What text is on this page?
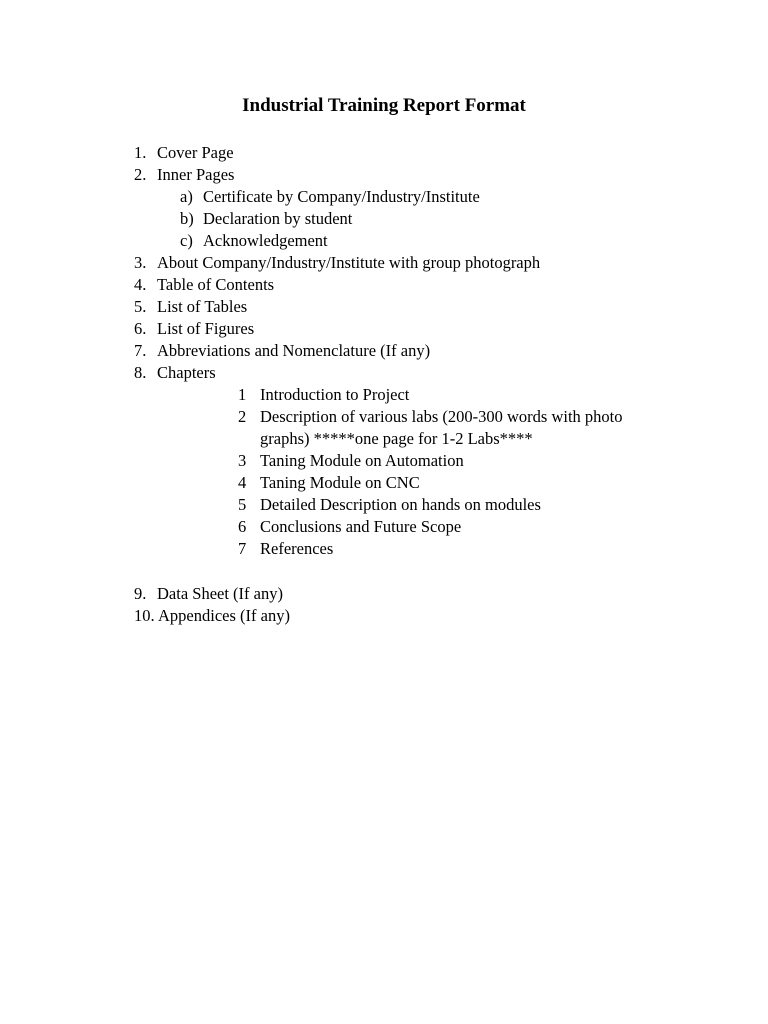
Industrial Training Report Format
1. Cover Page
2. Inner Pages
a) Certificate by Company/Industry/Institute
b) Declaration by student
c) Acknowledgement
3. About Company/Industry/Institute with group photograph
4. Table of Contents
5. List of Tables
6. List of Figures
7. Abbreviations and Nomenclature (If any)
8. Chapters
1 Introduction to Project
2 Description of various labs (200-300 words with photo
graphs) *****one page for 1-2 Labs****
3 Taning Module on Automation
4 Taning Module on CNC
5 Detailed Description on hands on modules
6 Conclusions and Future Scope
7 References
9. Data Sheet (If any)
10. Appendices (If any)
